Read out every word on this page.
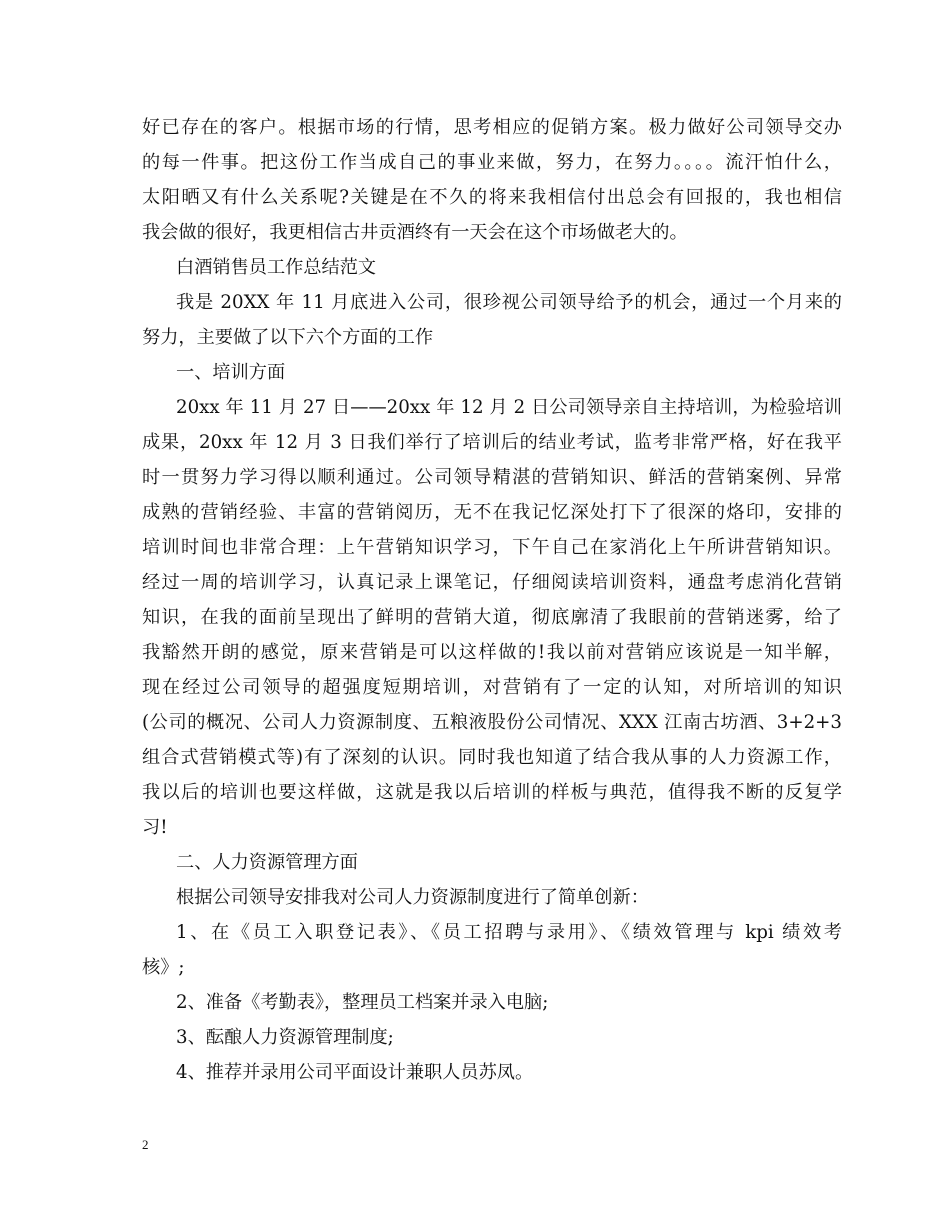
好已存在的客户。根据市场的行情，思考相应的促销方案。极力做好公司领导交办
的每一件事。把这份工作当成自己的事业来做，努力，在努力。。。。流汗怕什么，
太阳晒又有什么关系呢?关键是在不久的将来我相信付出总会有回报的，我也相信
我会做的很好，我更相信古井贡酒终有一天会在这个市场做老大的。
白酒销售员工作总结范文
我是 20XX 年 11 月底进入公司，很珍视公司领导给予的机会，通过一个月来的
努力，主要做了以下六个方面的工作
一、培训方面
20xx 年 11 月 27 日——20xx 年 12 月 2 日公司领导亲自主持培训，为检验培训
成果，20xx 年 12 月 3 日我们举行了培训后的结业考试，监考非常严格，好在我平
时一贯努力学习得以顺利通过。公司领导精湛的营销知识、鲜活的营销案例、异常
成熟的营销经验、丰富的营销阅历，无不在我记忆深处打下了很深的烙印，安排的
培训时间也非常合理：上午营销知识学习，下午自己在家消化上午所讲营销知识。
经过一周的培训学习，认真记录上课笔记，仔细阅读培训资料，通盘考虑消化营销
知识，在我的面前呈现出了鲜明的营销大道，彻底廓清了我眼前的营销迷雾，给了
我豁然开朗的感觉，原来营销是可以这样做的!我以前对营销应该说是一知半解，
现在经过公司领导的超强度短期培训，对营销有了一定的认知，对所培训的知识
(公司的概况、公司人力资源制度、五粮液股份公司情况、XXX 江南古坊酒、3+2+3
组合式营销模式等)有了深刻的认识。同时我也知道了结合我从事的人力资源工作，
我以后的培训也要这样做，这就是我以后培训的样板与典范，值得我不断的反复学
习!
二、人力资源管理方面
根据公司领导安排我对公司人力资源制度进行了简单创新：
1、在《员工入职登记表》、《员工招聘与录用》、《绩效管理与 kpi 绩效考
核》;
2、准备《考勤表》，整理员工档案并录入电脑;
3、酝酿人力资源管理制度;
4、推荐并录用公司平面设计兼职人员苏凤。
2
